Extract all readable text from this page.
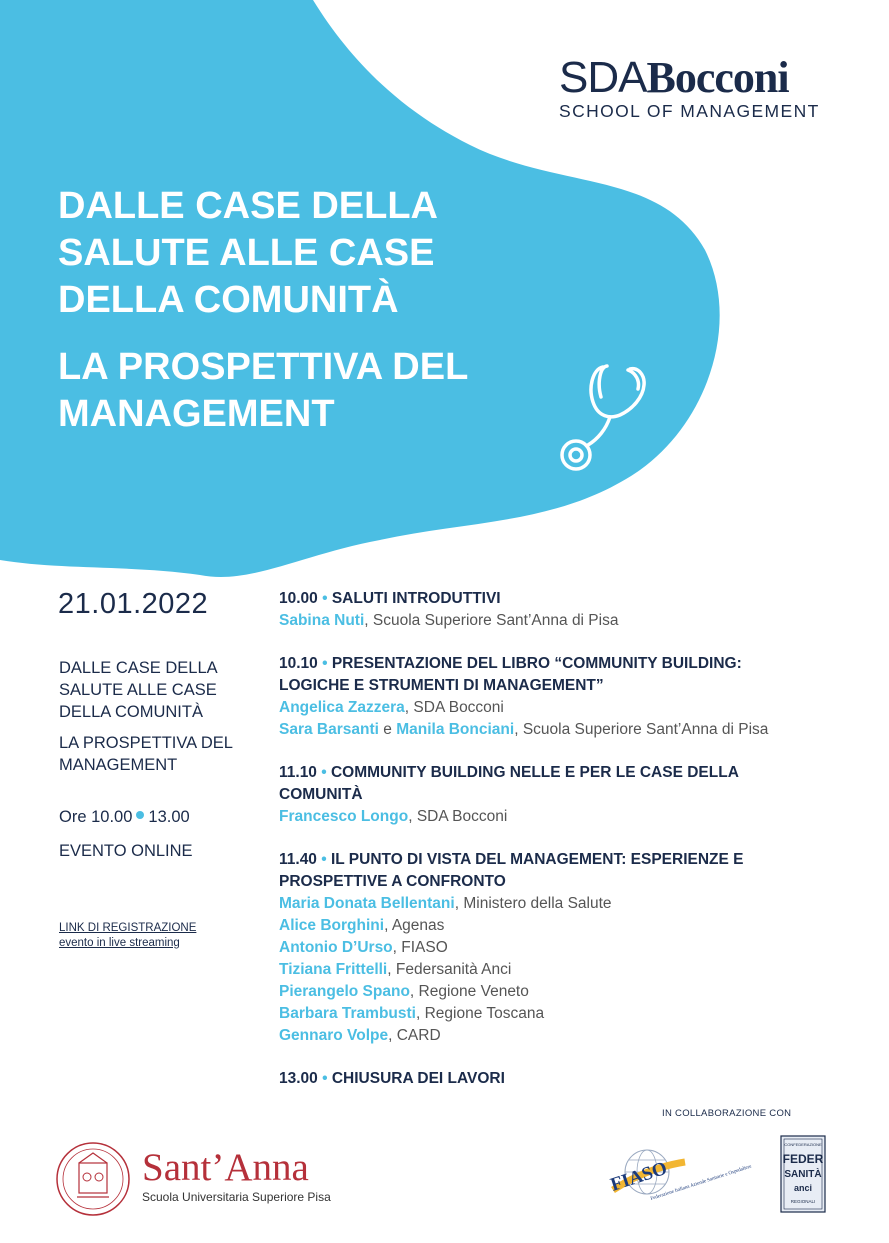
SDABocconi
SCHOOL OF MANAGEMENT
DALLE CASE DELLA
SALUTE ALLE CASE
DELLA COMUNITÀ
LA PROSPETTIVA DEL
MANAGEMENT
21.01.2022

DALLE CASE DELLA
SALUTE ALLE CASE
DELLA COMUNITÀ

LA PROSPETTIVA DEL
MANAGEMENT

Ore 10.00 13.00
EVENTO ONLINE
LINK DI REGISTRAZIONE
evento in live streaming
10.00 • SALUTI INTRODUTTIVI
Sabina Nuti, Scuola Superiore Sant’Anna di Pisa
10.10 • PRESENTAZIONE DEL LIBRO “COMMUNITY BUILDING:
LOGICHE E STRUMENTI DI MANAGEMENT”
Angelica Zazzera, SDA Bocconi
Sara Barsanti e Manila Bonciani, Scuola Superiore Sant’Anna di Pisa
11.10 • COMMUNITY BUILDING NELLE E PER LE CASE DELLA
COMUNITÀ
Francesco Longo, SDA Bocconi
11.40 • IL PUNTO DI VISTA DEL MANAGEMENT: ESPERIENZE E
PROSPETTIVE A CONFRONTO
Maria Donata Bellentani, Ministero della Salute
Alice Borghini, Agenas
Antonio D’Urso, FIASO
Tiziana Frittelli, Federsanità Anci
Pierangelo Spano, Regione Veneto
Barbara Trambusti, Regione Toscana
Gennaro Volpe, CARD
13.00 • CHIUSURA DEI LAVORI
IN COLLABORAZIONE CON
Sant’Anna
Scuola Universitaria Superiore Pisa
FIASO
Federazione Italiana Aziende Sanitarie e Ospedaliere
CONFEDERAZIONE
FEDER
SANITÀ
anci
REGIONALI
